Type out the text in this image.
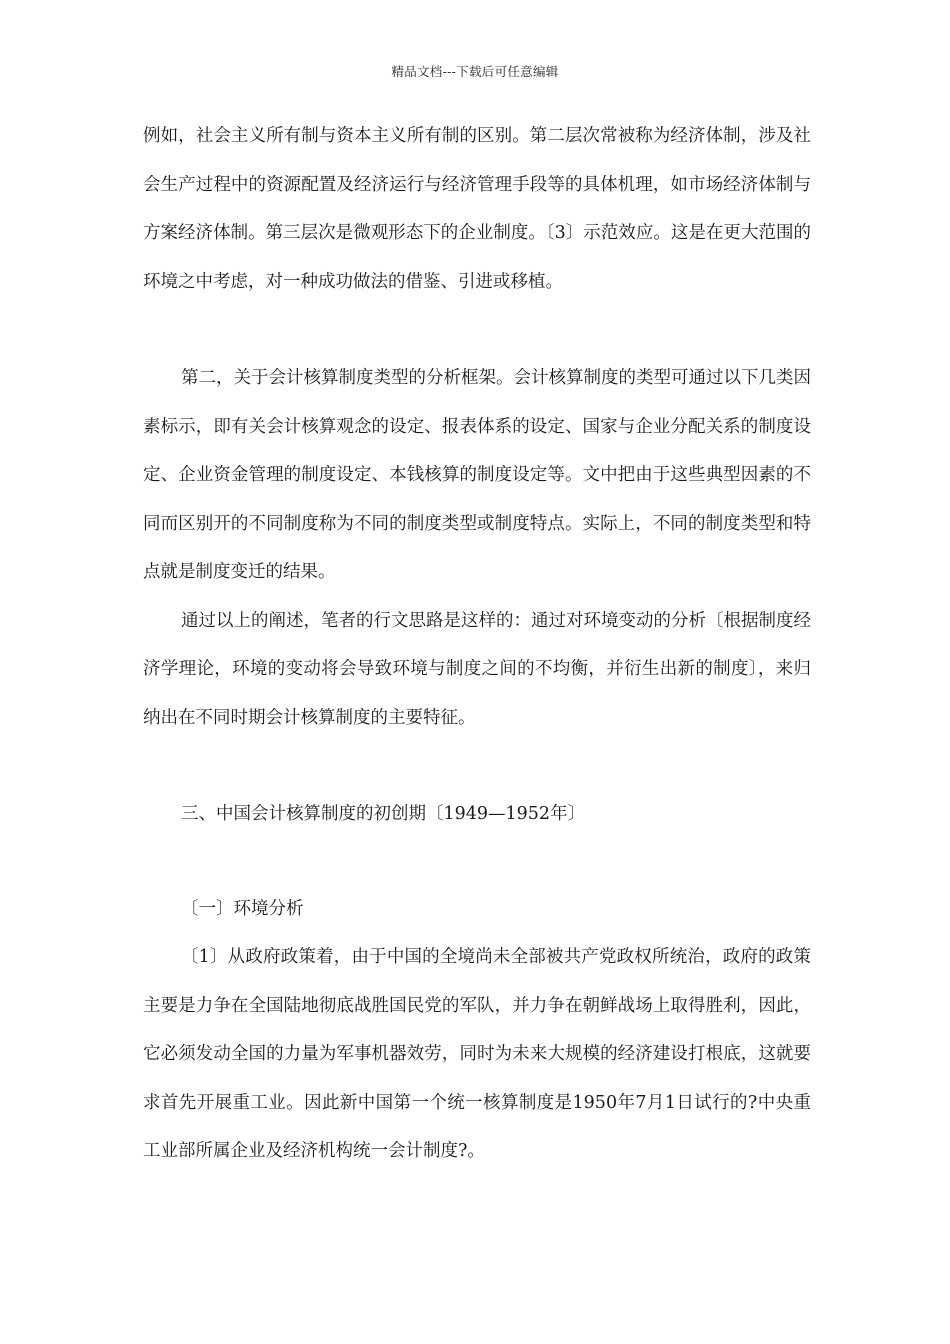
精品文档---下载后可任意编辑

例如，社会主义所有制与资本主义所有制的区别。第二层次常被称为经济体制，涉及社会生产过程中的资源配置及经济运行与经济管理手段等的具体机理，如市场经济体制与方案经济体制。第三层次是微观形态下的企业制度。〔3〕示范效应。这是在更大范围的环境之中考虑，对一种成功做法的借鉴、引进或移植。

第二，关于会计核算制度类型的分析框架。会计核算制度的类型可通过以下几类因素标示，即有关会计核算观念的设定、报表体系的设定、国家与企业分配关系的制度设定、企业资金管理的制度设定、本钱核算的制度设定等。文中把由于这些典型因素的不同而区别开的不同制度称为不同的制度类型或制度特点。实际上，不同的制度类型和特点就是制度变迁的结果。

通过以上的阐述，笔者的行文思路是这样的：通过对环境变动的分析〔根据制度经济学理论，环境的变动将会导致环境与制度之间的不均衡，并衍生出新的制度〕，来归纳出在不同时期会计核算制度的主要特征。

三、中国会计核算制度的初创期〔1949—1952年〕

〔一〕环境分析

〔1〕从政府政策着，由于中国的全境尚未全部被共产党政权所统治，政府的政策主要是力争在全国陆地彻底战胜国民党的军队，并力争在朝鲜战场上取得胜利，因此，它必须发动全国的力量为军事机器效劳，同时为未来大规模的经济建设打根底，这就要求首先开展重工业。因此新中国第一个统一核算制度是1950年7月1日试行的?中央重工业部所属企业及经济机构统一会计制度?。
